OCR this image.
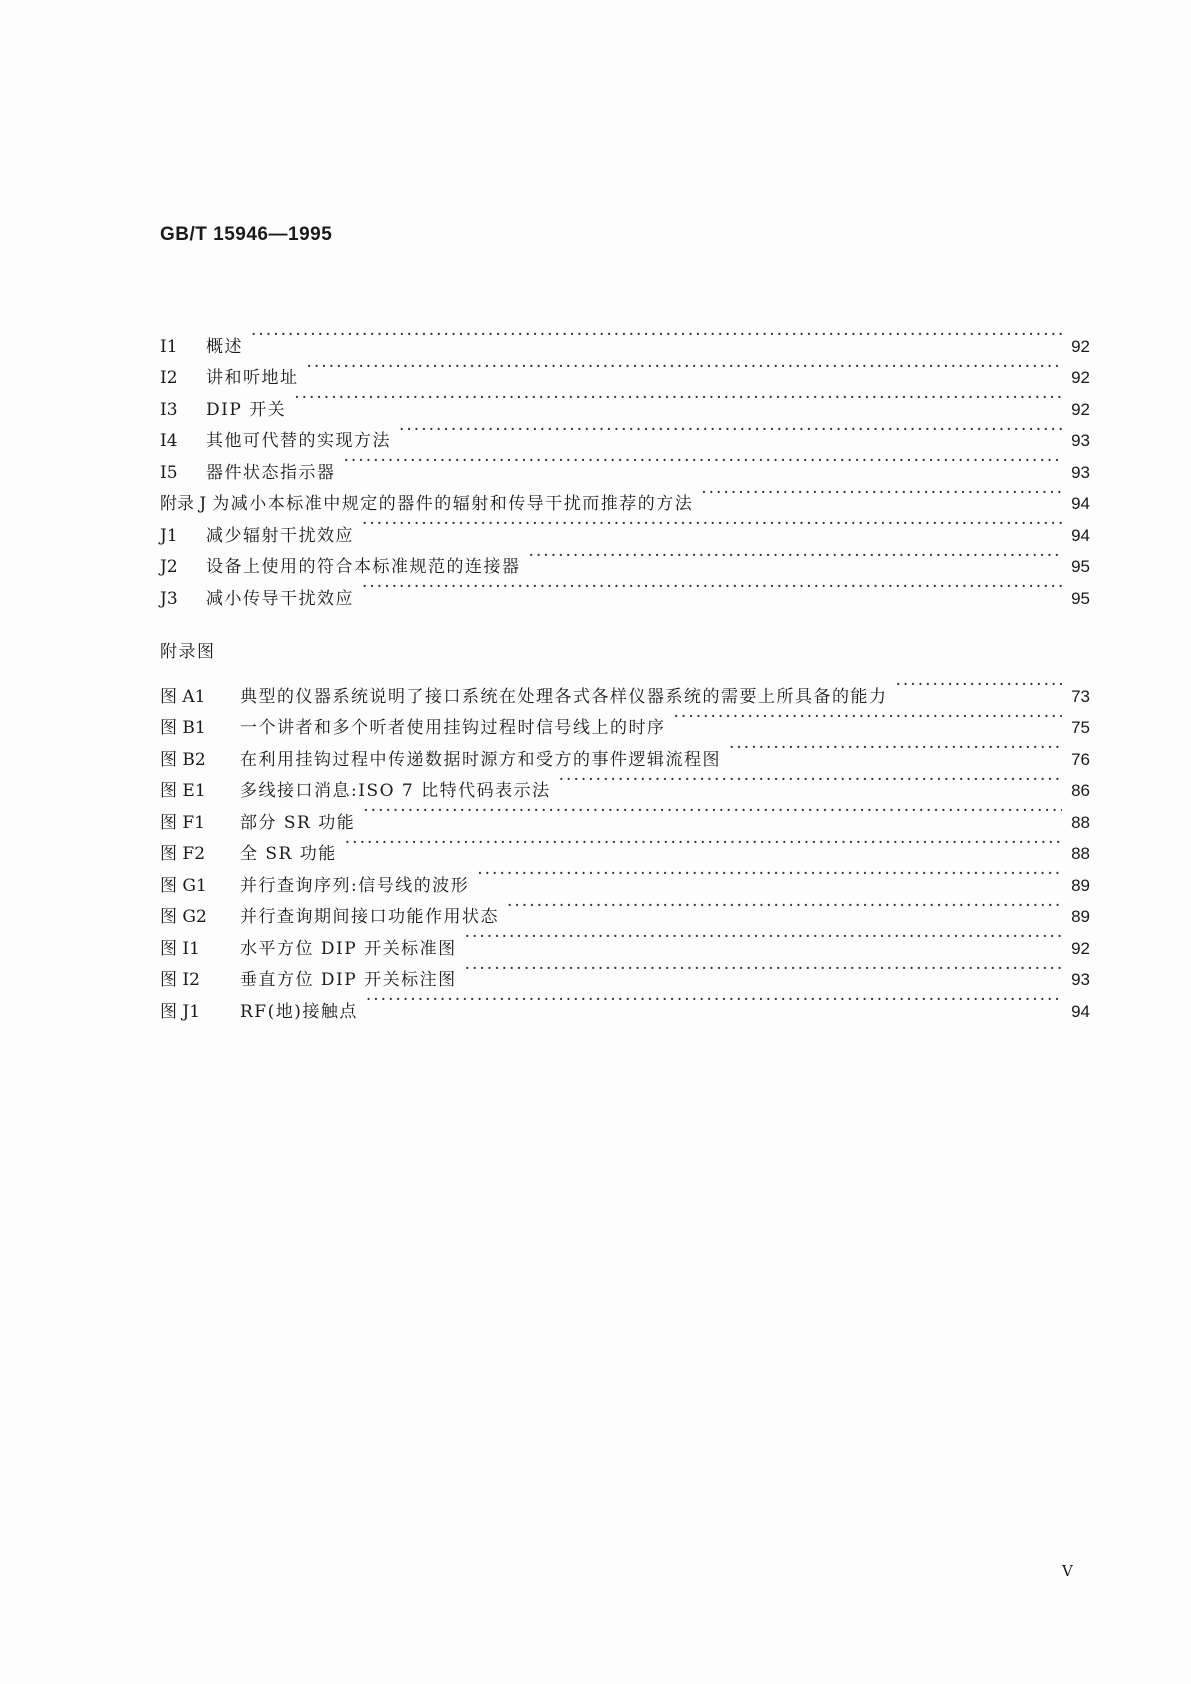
GB/T 15946—1995
I1	概述 ·····	92
I2	讲和听地址 ·····	92
I3	DIP 开关 ·····	92
I4	其他可代替的实现方法 ·····	93
I5	器件状态指示器 ·····	93
附录 J 为减小本标准中规定的器件的辐射和传导干扰而推荐的方法 ·····	94
J1	减少辐射干扰效应 ·····	94
J2	设备上使用的符合本标准规范的连接器 ·····	95
J3	减小传导干扰效应 ·····	95
附录图
图 A1	典型的仪器系统说明了接口系统在处理各式各样仪器系统的需要上所具备的能力 ·····	73
图 B1	一个讲者和多个听者使用挂钩过程时信号线上的时序 ·····	75
图 B2	在利用挂钩过程中传递数据时源方和受方的事件逻辑流程图 ·····	76
图 E1	多线接口消息:ISO 7 比特代码表示法 ·····	86
图 F1	部分 SR 功能 ·····	88
图 F2	全 SR 功能 ·····	88
图 G1	并行查询序列:信号线的波形 ·····	89
图 G2	并行查询期间接口功能作用状态 ·····	89
图 I1	水平方位 DIP 开关标准图 ·····	92
图 I2	垂直方位 DIP 开关标注图 ·····	93
图 J1	RF(地)接触点 ·····	94
V
